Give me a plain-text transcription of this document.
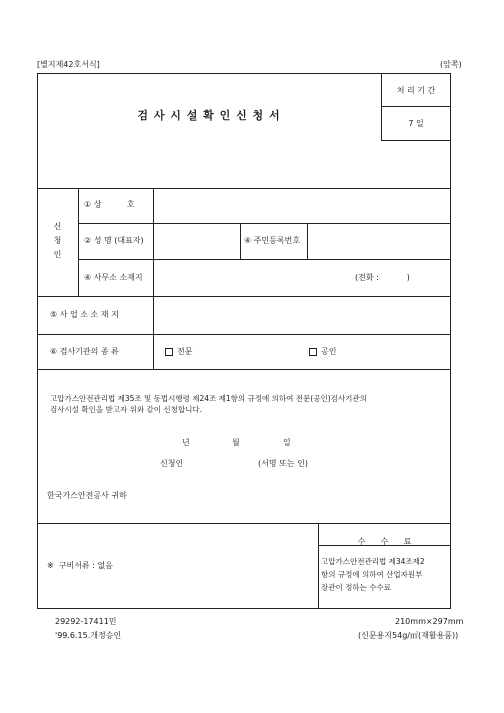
[별지제42호서식]	(앞쪽)
검 사 시 설 확 인 신 청 서
처 리 기 간
7 일
신
청
인
① 상          호
② 성 명 (대표자)	④ 주민등록번호
④ 사무소 소재지	(전화 :           )
⑤ 사 업 소 소 재 지
⑥ 검사기관의 종 류	전문	공인
고압가스안전관리법 제35조 및 동법시행령 제24조 제1항의 규정에 의하여 전문(공인)검사기관의
검사시설 확인을 받고자 위와 같이 신청합니다.
년	월	일
신청인	(서명 또는 인)
한국가스안전공사 귀하
※  구비서류 : 없음
수      수      료
고압가스안전관리법 제34조제2
항의 규정에 의하여 산업자원부
장관이 정하는 수수료
29292-17411민
'99.6.15.개정승인
210mm×297mm
(신문용지54g/㎡(재활용품))
